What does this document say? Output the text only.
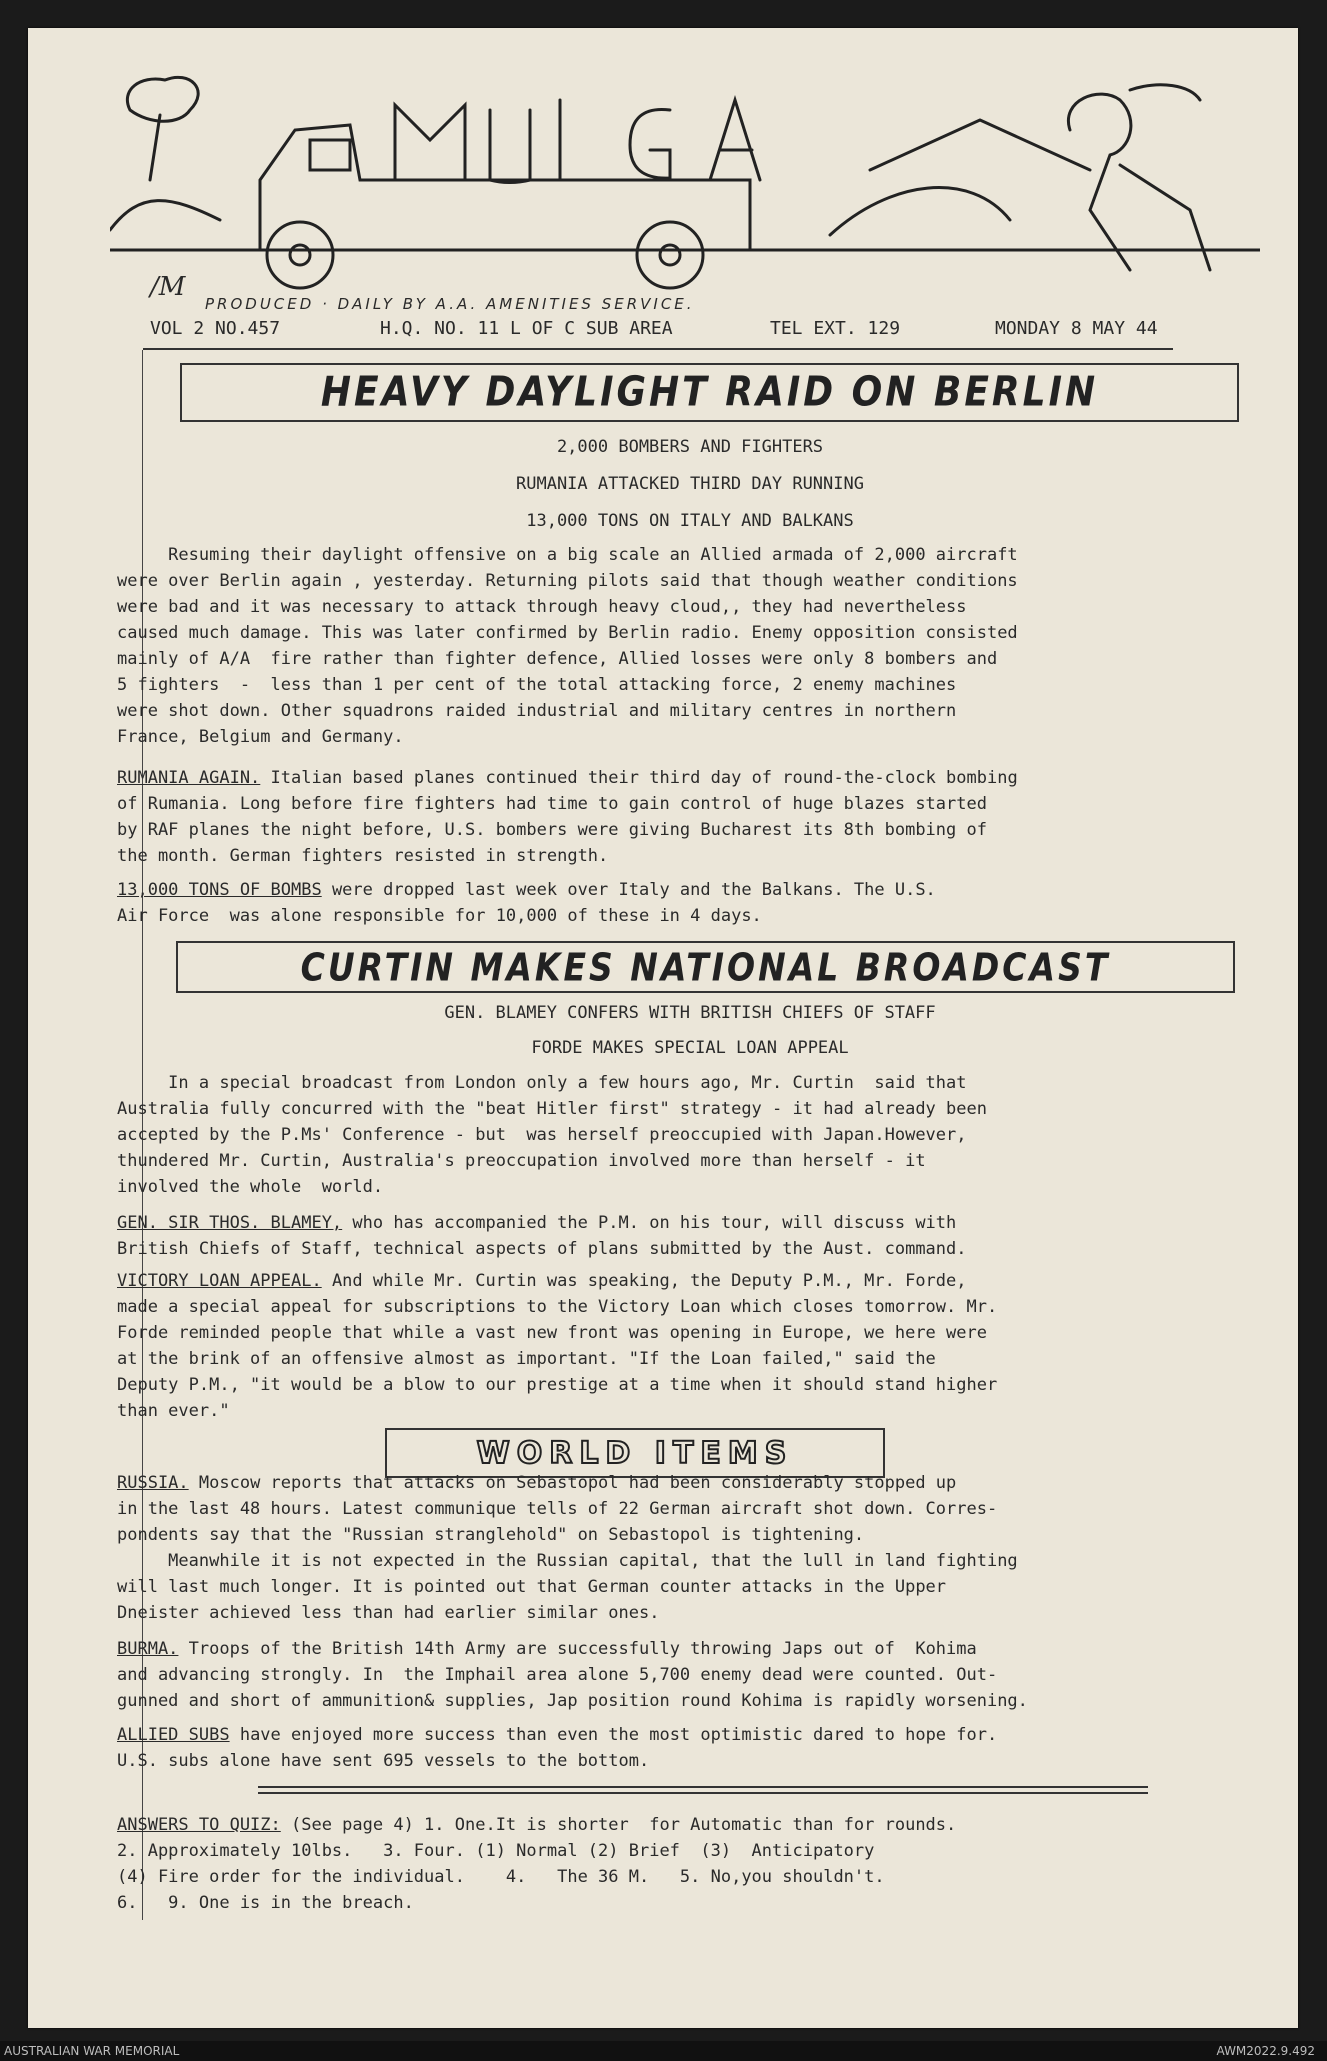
MULGA
/M
PRODUCED · DAILY BY A.A. AMENITIES SERVICE.
VOL 2 NO.457	H.Q. NO. 11 L OF C SUB AREA	TEL EXT. 129	MONDAY 8 MAY 44
HEAVY DAYLIGHT RAID ON BERLIN
2,000 BOMBERS AND FIGHTERS
RUMANIA ATTACKED THIRD DAY RUNNING
13,000 TONS ON ITALY AND BALKANS
Resuming their daylight offensive on a big scale an Allied armada of 2,000 aircraft
were over Berlin again , yesterday. Returning pilots said that though weather conditions
were bad and it was necessary to attack through heavy cloud,, they had nevertheless
caused much damage. This was later confirmed by Berlin radio. Enemy opposition consisted
mainly of A/A  fire rather than fighter defence, Allied losses were only 8 bombers and
5 fighters  -  less than 1 per cent of the total attacking force, 2 enemy machines
were shot down. Other squadrons raided industrial and military centres in northern
France, Belgium and Germany.
RUMANIA AGAIN. Italian based planes continued their third day of round-the-clock bombing
of Rumania. Long before fire fighters had time to gain control of huge blazes started
by RAF planes the night before, U.S. bombers were giving Bucharest its 8th bombing of
the month. German fighters resisted in strength.
13,000 TONS OF BOMBS were dropped last week over Italy and the Balkans. The U.S.
Air Force  was alone responsible for 10,000 of these in 4 days.
CURTIN MAKES NATIONAL BROADCAST
GEN. BLAMEY CONFERS WITH BRITISH CHIEFS OF STAFF
FORDE MAKES SPECIAL LOAN APPEAL
In a special broadcast from London only a few hours ago, Mr. Curtin  said that
Australia fully concurred with the "beat Hitler first" strategy - it had already been
accepted by the P.Ms' Conference - but  was herself preoccupied with Japan.However,
thundered Mr. Curtin, Australia's preoccupation involved more than herself - it
involved the whole  world.
GEN. SIR THOS. BLAMEY, who has accompanied the P.M. on his tour, will discuss with
British Chiefs of Staff, technical aspects of plans submitted by the Aust. command.
VICTORY LOAN APPEAL. And while Mr. Curtin was speaking, the Deputy P.M., Mr. Forde,
made a special appeal for subscriptions to the Victory Loan which closes tomorrow. Mr.
Forde reminded people that while a vast new front was opening in Europe, we here were
at the brink of an offensive almost as important. "If the Loan failed," said the
Deputy P.M., "it would be a blow to our prestige at a time when it should stand higher
than ever."
WORLD ITEMS
RUSSIA. Moscow reports that attacks on Sebastopol had been considerably stopped up
in the last 48 hours. Latest communique tells of 22 German aircraft shot down. Corres-
pondents say that the "Russian stranglehold" on Sebastopol is tightening.
Meanwhile it is not expected in the Russian capital, that the lull in land fighting
will last much longer. It is pointed out that German counter attacks in the Upper
Dneister achieved less than had earlier similar ones.
BURMA. Troops of the British 14th Army are successfully throwing Japs out of  Kohima
and advancing strongly. In  the Imphail area alone 5,700 enemy dead were counted. Out-
gunned and short of ammunition& supplies, Jap position round Kohima is rapidly worsening.
ALLIED SUBS have enjoyed more success than even the most optimistic dared to hope for.
U.S. subs alone have sent 695 vessels to the bottom.
ANSWERS TO QUIZ: (See page 4) 1. One.It is shorter  for Automatic than for rounds.
2. Approximately 10lbs.   3. Four. (1) Normal (2) Brief  (3)  Anticipatory
(4) Fire order for the individual.    4.   The 36 M.   5. No,you shouldn't.
6.   9. One is in the breach.
AUSTRALIAN WAR MEMORIAL	AWM2022.9.492
